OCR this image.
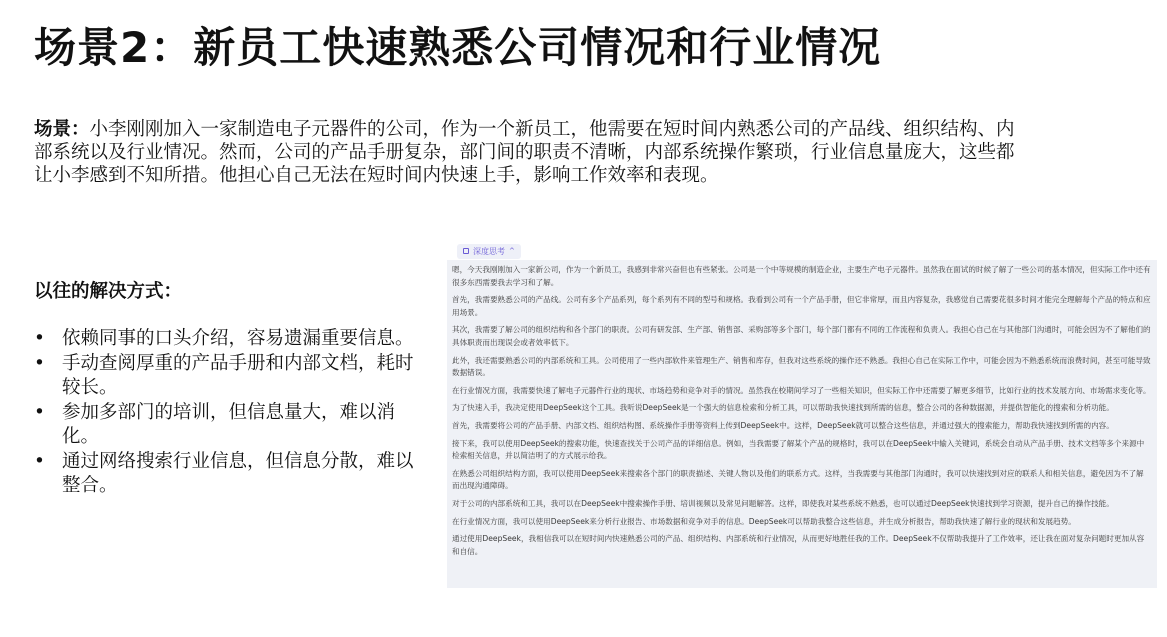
场景2：新员工快速熟悉公司情况和行业情况
场景：小李刚刚加入一家制造电子元器件的公司，作为一个新员工，他需要在短时间内熟悉公司的产品线、组织结构、内部系统以及行业情况。然而，公司的产品手册复杂，部门间的职责不清晰，内部系统操作繁琐，行业信息量庞大，这些都让小李感到不知所措。他担心自己无法在短时间内快速上手，影响工作效率和表现。
以往的解决方式：
• 依赖同事的口头介绍，容易遗漏重要信息。
• 手动查阅厚重的产品手册和内部文档，耗时较长。
• 参加多部门的培训，但信息量大，难以消化。
• 通过网络搜索行业信息，但信息分散，难以整合。
深度思考 ^

嗯，今天我刚刚加入一家新公司，作为一个新员工，我感到非常兴奋但也有些紧张。公司是一个中等规模的制造企业，主要生产电子元器件。虽然我在面试的时候了解了一些公司的基本情况，但实际工作中还有很多东西需要我去学习和了解。

首先，我需要熟悉公司的产品线。公司有多个产品系列，每个系列有不同的型号和规格。我看到公司有一个产品手册，但它非常厚，而且内容复杂，我感觉自己需要花很多时间才能完全理解每个产品的特点和应用场景。

其次，我需要了解公司的组织结构和各个部门的职责。公司有研发部、生产部、销售部、采购部等多个部门，每个部门都有不同的工作流程和负责人。我担心自己在与其他部门沟通时，可能会因为不了解他们的具体职责而出现误会或者效率低下。

此外，我还需要熟悉公司的内部系统和工具。公司使用了一些内部软件来管理生产、销售和库存，但我对这些系统的操作还不熟悉。我担心自己在实际工作中，可能会因为不熟悉系统而浪费时间，甚至可能导致数据错误。

在行业情况方面，我需要快速了解电子元器件行业的现状、市场趋势和竞争对手的情况。虽然我在校期间学习了一些相关知识，但实际工作中还需要了解更多细节，比如行业的技术发展方向、市场需求变化等。

为了快速入手，我决定使用DeepSeek这个工具。我听说DeepSeek是一个强大的信息检索和分析工具，可以帮助我快速找到所需的信息，整合公司的各种数据源，并提供智能化的搜索和分析功能。

首先，我需要将公司的产品手册、内部文档、组织结构图、系统操作手册等资料上传到DeepSeek中。这样，DeepSeek就可以整合这些信息，并通过强大的搜索能力，帮助我快速找到所需的内容。

接下来，我可以使用DeepSeek的搜索功能，快速查找关于公司产品的详细信息。例如，当我需要了解某个产品的规格时，我可以在DeepSeek中输入关键词，系统会自动从产品手册、技术文档等多个来源中检索相关信息，并以简洁明了的方式展示给我。

在熟悉公司组织结构方面，我可以使用DeepSeek来搜索各个部门的职责描述、关键人物以及他们的联系方式。这样，当我需要与其他部门沟通时，我可以快速找到对应的联系人和相关信息，避免因为不了解而出现沟通障碍。

对于公司的内部系统和工具，我可以在DeepSeek中搜索操作手册、培训视频以及常见问题解答。这样，即使我对某些系统不熟悉，也可以通过DeepSeek快速找到学习资源，提升自己的操作技能。

在行业情况方面，我可以使用DeepSeek来分析行业报告、市场数据和竞争对手的信息。DeepSeek可以帮助我整合这些信息，并生成分析报告，帮助我快速了解行业的现状和发展趋势。

通过使用DeepSeek，我相信我可以在短时间内快速熟悉公司的产品、组织结构、内部系统和行业情况，从而更好地胜任我的工作。DeepSeek不仅帮助我提升了工作效率，还让我在面对复杂问题时更加从容和自信。
